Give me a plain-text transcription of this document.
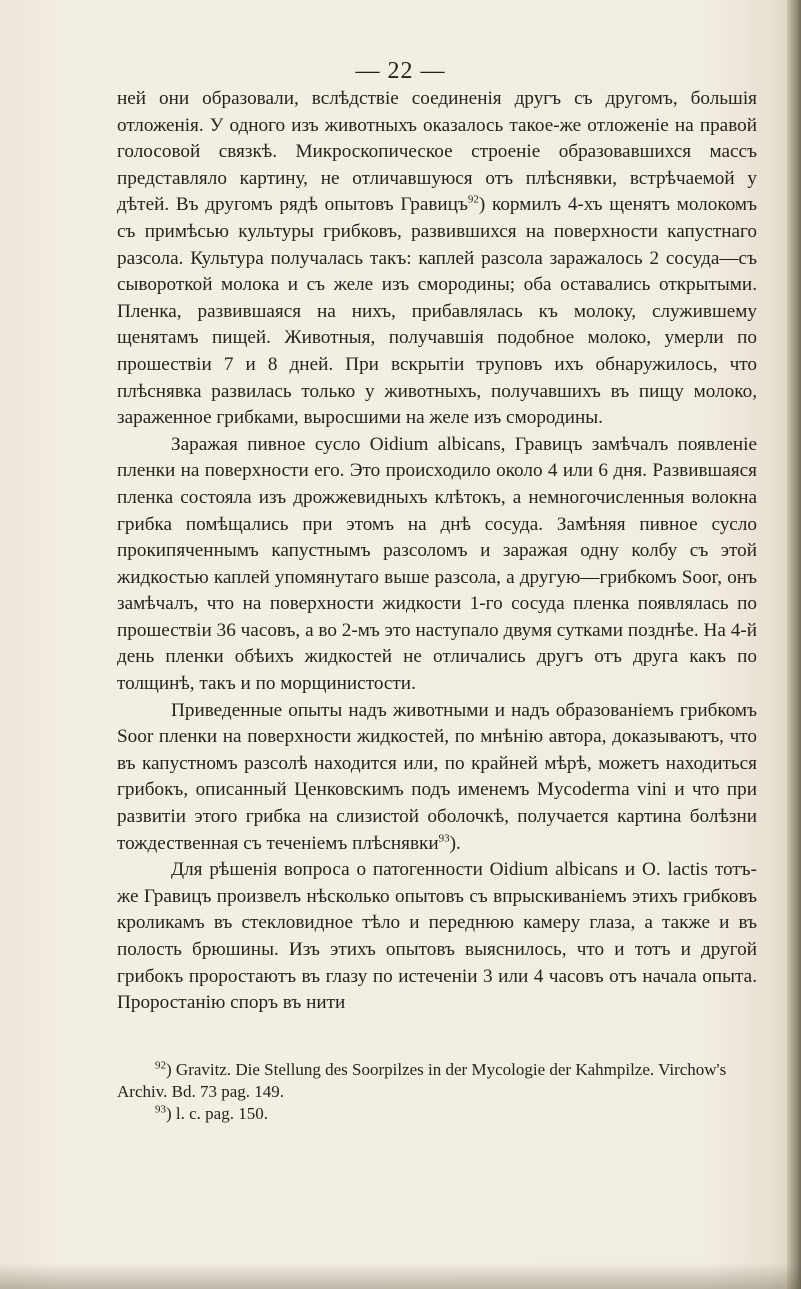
— 22 —

ней они образовали, вслѣдствіе соединенія другъ съ другомъ, большія отложенія. У одного изъ животныхъ оказалось такое-же отложеніе на правой голосовой связкѣ. Микроскопическое строеніе образовавшихся массъ представляло картину, не отличавшуюся отъ плѣснявки, встрѣчаемой у дѣтей. Въ другомъ рядѣ опытовъ Гравицъ$^{92}$) кормилъ 4-хъ щенятъ молокомъ съ примѣсью культуры грибковъ, развившихся на поверхности капустнаго разсола. Культура получалась такъ: каплей разсола заражалось 2 сосуда—съ сывороткой молока и съ желе изъ смородины; оба оставались открытыми. Пленка, развившаяся на нихъ, прибавлялась къ молоку, служившему щенятамъ пищей. Животныя, получавшія подобное молоко, умерли по прошествіи 7 и 8 дней. При вскрытіи труповъ ихъ обнаружилось, что плѣснявка развилась только у животныхъ, получавшихъ въ пищу молоко, зараженное грибками, выросшими на желе изъ смородины.

Заражая пивное сусло Oidium albicans, Гравицъ замѣчалъ появленіе пленки на поверхности его. Это происходило около 4 или 6 дня. Развившаяся пленка состояла изъ дрожжевидныхъ клѣтокъ, а немногочисленныя волокна грибка помѣщались при этомъ на днѣ сосуда. Замѣняя пивное сусло прокипяченнымъ капустнымъ разсоломъ и заражая одну колбу съ этой жидкостью каплей упомянутаго выше разсола, а другую—грибкомъ Soor, онъ замѣчалъ, что на поверхности жидкости 1-го сосуда пленка появлялась по прошествіи 36 часовъ, а во 2-мъ это наступало двумя сутками позднѣе. На 4-й день пленки обѣихъ жидкостей не отличались другъ отъ друга какъ по толщинѣ, такъ и по морщинистости.

Приведенные опыты надъ животными и надъ образованіемъ грибкомъ Soor пленки на поверхности жидкостей, по мнѣнію автора, доказываютъ, что въ капустномъ разсолѣ находится или, по крайней мѣрѣ, можетъ находиться грибокъ, описанный Ценковскимъ подъ именемъ Mycoderma vini и что при развитіи этого грибка на слизистой оболочкѣ, получается картина болѣзни тождественная съ теченіемъ плѣснявки$^{93}$).

Для рѣшенія вопроса о патогенности Oidium albicans и O. lactis тотъ-же Гравицъ произвелъ нѣсколько опытовъ съ впрыскиваніемъ этихъ грибковъ кроликамъ въ стекловидное тѣло и переднюю камеру глаза, а также и въ полость брюшины. Изъ этихъ опытовъ выяснилось, что и тотъ и другой грибокъ проростаютъ въ глазу по истеченіи 3 или 4 часовъ отъ начала опыта. Проростанію споръ въ нити

$^{92}$) Gravitz. Die Stellung des Soorpilzes in der Mycologie der Kahmpilze. Virchow's Archiv. Bd. 73 pag. 149.
$^{93}$) l. c. pag. 150.
